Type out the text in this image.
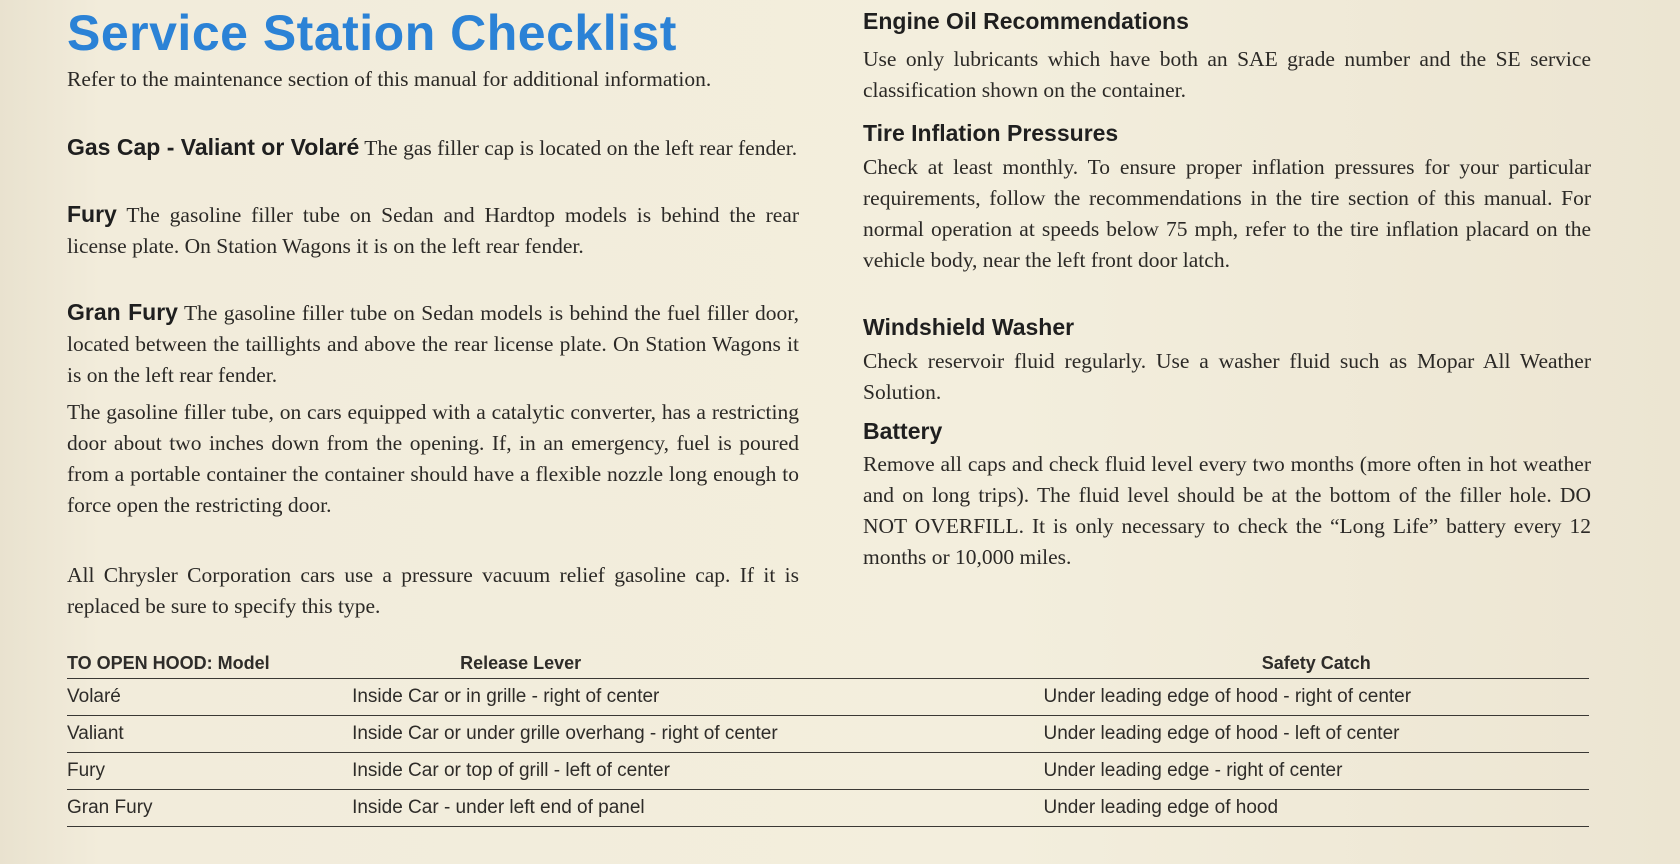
Service Station Checklist

Refer to the maintenance section of this manual for additional information.

Gas Cap - Valiant or Volaré The gas filler cap is located on the left rear fender.

Fury The gasoline filler tube on Sedan and Hardtop models is behind the rear license plate. On Station Wagons it is on the left rear fender.

Gran Fury The gasoline filler tube on Sedan models is behind the fuel filler door, located between the taillights and above the rear license plate. On Station Wagons it is on the left rear fender.

The gasoline filler tube, on cars equipped with a catalytic converter, has a restricting door about two inches down from the opening. If, in an emergency, fuel is poured from a portable container the container should have a flexible nozzle long enough to force open the restricting door.

All Chrysler Corporation cars use a pressure vacuum relief gasoline cap. If it is replaced be sure to specify this type.

Engine Oil Recommendations

Use only lubricants which have both an SAE grade number and the SE service classification shown on the container.

Tire Inflation Pressures

Check at least monthly. To ensure proper inflation pressures for your particular requirements, follow the recommendations in the tire section of this manual. For normal operation at speeds below 75 mph, refer to the tire inflation placard on the vehicle body, near the left front door latch.

Windshield Washer

Check reservoir fluid regularly. Use a washer fluid such as Mopar All Weather Solution.

Battery

Remove all caps and check fluid level every two months (more often in hot weather and on long trips). The fluid level should be at the bottom of the filler hole. DO NOT OVERFILL. It is only necessary to check the “Long Life” battery every 12 months or 10,000 miles.

TO OPEN HOOD: Model	Release Lever	Safety Catch
Volaré	Inside Car or in grille - right of center	Under leading edge of hood - right of center
Valiant	Inside Car or under grille overhang - right of center	Under leading edge of hood - left of center
Fury	Inside Car or top of grill - left of center	Under leading edge - right of center
Gran Fury	Inside Car - under left end of panel	Under leading edge of hood
